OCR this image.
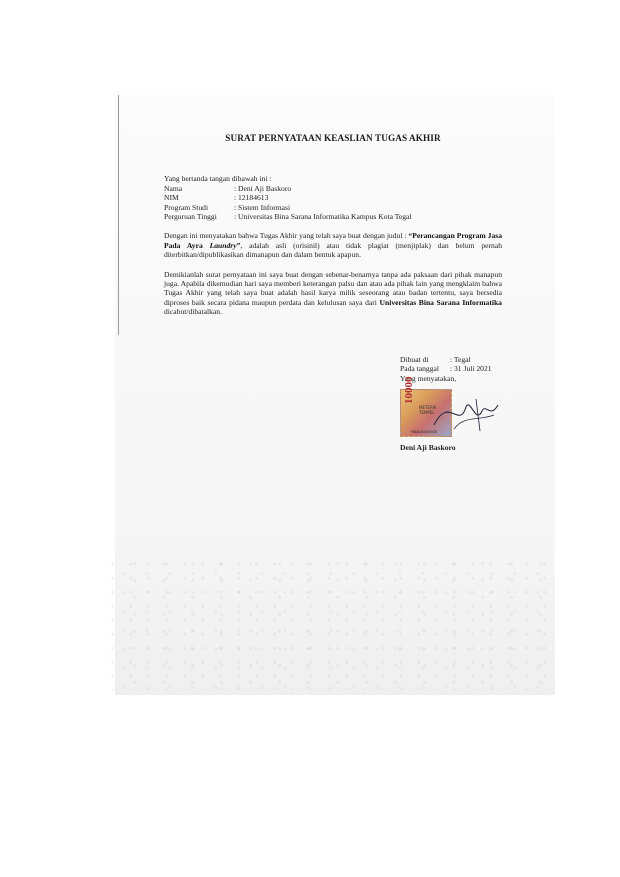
SURAT PERNYATAAN KEASLIAN TUGAS AKHIR
Yang bertanda tangan dibawah ini :
Nama	: Deni Aji Baskoro
NIM	: 12184613
Program Studi	: Sistem Informasi
Perguruan Tinggi	: Universitas Bina Sarana Informatika Kampus Kota Tegal
Dengan ini menyatakan bahwa Tugas Akhir yang telah saya buat dengan judul : “Perancangan Program Jasa Pada Ayra Laundry”, adalah asli (orisinil) atau tidak plagiat (menjiplak) dan belum pernah diterbitkan/dipublikasikan dimanapun dan dalam bentuk apapun.
Demikianlah surat pernyataan ini saya buat dengan sebenar-benarnya tanpa ada paksaan dari pihak manapun juga. Apabila dikemudian hari saya memberi keterangan palsu dan atau ada pihak lain yang mengklaim bahwa Tugas Akhir yang telah saya buat adalah hasil karya milik seseorang atau badan tertentu, saya bersedia diproses baik secara pidana maupun perdata dan kelulusan saya dari Universitas Bina Sarana Informatika dicabut/dibatalkan.
Dibuat di	: Tegal
Pada tanggal	: 31 Juli 2021
Yang menyatakan,
10000
METERAI
TEMPEL
F8DAJX254935
Deni Aji Baskoro
